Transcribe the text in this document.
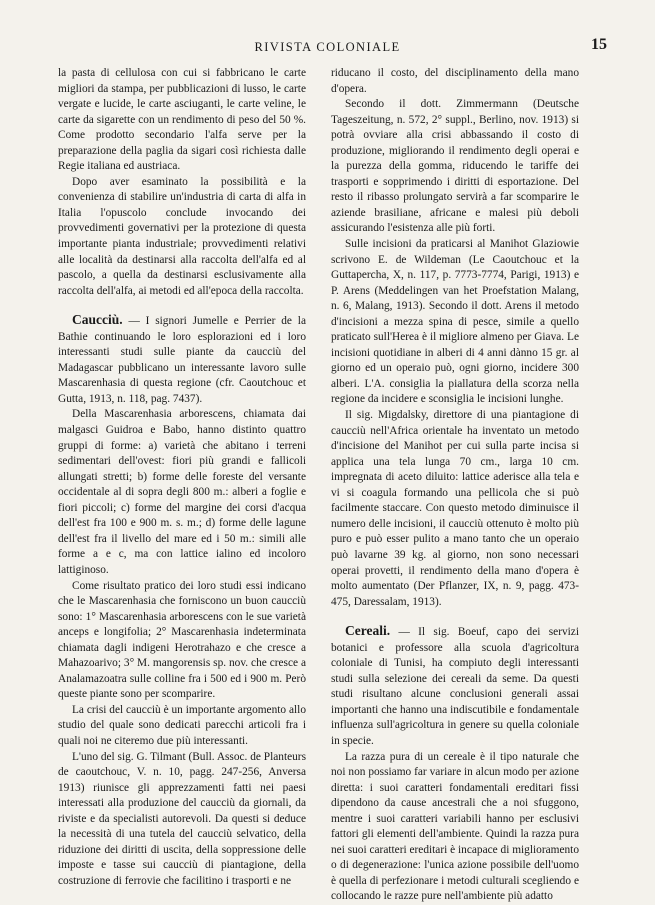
RIVISTA COLONIALE	15

la pasta di cellulosa con cui si fabbricano le carte migliori da stampa, per pubblicazioni di lusso, le carte vergate e lucide, le carte asciuganti, le carte veline, le carte da sigarette con un rendimento di peso del 50 %. Come prodotto secondario l'alfa serve per la preparazione della paglia da sigari così richiesta dalle Regie italiana ed austriaca.

Dopo aver esaminato la possibilità e la convenienza di stabilire un'industria di carta di alfa in Italia l'opuscolo conclude invocando dei provvedimenti governativi per la protezione di questa importante pianta industriale; provvedimenti relativi alle località da destinarsi alla raccolta dell'alfa ed al pascolo, a quella da destinarsi esclusivamente alla raccolta dell'alfa, ai metodi ed all'epoca della raccolta.

Caucciù. — I signori Jumelle e Perrier de la Bathie continuando le loro esplorazioni ed i loro interessanti studi sulle piante da caucciù del Madagascar pubblicano un interessante lavoro sulle Mascarenhasia di questa regione (cfr. Caoutchouc et Gutta, 1913, n. 118, pag. 7437).

Della Mascarenhasia arborescens, chiamata dai malgasci Guidroa e Babo, hanno distinto quattro gruppi di forme: a) varietà che abitano i terreni sedimentari dell'ovest: fiori più grandi e fallicoli allungati stretti; b) forme delle foreste del versante occidentale al di sopra degli 800 m.: alberi a foglie e fiori piccoli; c) forme del margine dei corsi d'acqua dell'est fra 100 e 900 m. s. m.; d) forme delle lagune dell'est fra il livello del mare ed i 50 m.: simili alle forme a e c, ma con lattice ialino ed incoloro lattiginoso.

Come risultato pratico dei loro studi essi indicano che le Mascarenhasia che forniscono un buon caucciù sono: 1° Mascarenhasia arborescens con le sue varietà anceps e longifolia; 2° Mascarenhasia indeterminata chiamata dagli indigeni Herotrahazo e che cresce a Mahazoarivo; 3° M. mangorensis sp. nov. che cresce a Analamazoatra sulle colline fra i 500 ed i 900 m. Però queste piante sono per scomparire.

La crisi del caucciù è un importante argomento allo studio del quale sono dedicati parecchi articoli fra i quali noi ne citeremo due più interessanti.

L'uno del sig. G. Tilmant (Bull. Assoc. de Planteurs de caoutchouc, V. n. 10, pagg. 247-256, Anversa 1913) riunisce gli apprezzamenti fatti nei paesi interessati alla produzione del caucciù da giornali, da riviste e da specialisti autorevoli. Da questi si deduce la necessità di una tutela del caucciù selvatico, della riduzione dei diritti di uscita, della soppressione delle imposte e tasse sui caucciù di piantagione, della costruzione di ferrovie che facilitino i trasporti e ne

riducano il costo, del disciplinamento della mano d'opera.

Secondo il dott. Zimmermann (Deutsche Tageszeitung, n. 572, 2° suppl., Berlino, nov. 1913) si potrà ovviare alla crisi abbassando il costo di produzione, migliorando il rendimento degli operai e la purezza della gomma, riducendo le tariffe dei trasporti e sopprimendo i diritti di esportazione. Del resto il ribasso prolungato servirà a far scomparire le aziende brasiliane, africane e malesi più deboli assicurando l'esistenza alle più forti.

Sulle incisioni da praticarsi al Manihot Glaziowie scrivono E. de Wildeman (Le Caoutchouc et la Guttapercha, X, n. 117, p. 7773-7774, Parigi, 1913) e P. Arens (Meddelingen van het Proefstation Malang, n. 6, Malang, 1913). Secondo il dott. Arens il metodo d'incisioni a mezza spina di pesce, simile a quello praticato sull'Herea è il migliore almeno per Giava. Le incisioni quotidiane in alberi di 4 anni dànno 15 gr. al giorno ed un operaio può, ogni giorno, incidere 300 alberi. L'A. consiglia la piallatura della scorza nella regione da incidere e sconsiglia le incisioni lunghe.

Il sig. Migdalsky, direttore di una piantagione di caucciù nell'Africa orientale ha inventato un metodo d'incisione del Manihot per cui sulla parte incisa si applica una tela lunga 70 cm., larga 10 cm. impregnata di aceto diluito: lattice aderisce alla tela e vi si coagula formando una pellicola che si può facilmente staccare. Con questo metodo diminuisce il numero delle incisioni, il caucciù ottenuto è molto più puro e può esser pulito a mano tanto che un operaio può lavarne 39 kg. al giorno, non sono necessari operai provetti, il rendimento della mano d'opera è molto aumentato (Der Pflanzer, IX, n. 9, pagg. 473-475, Daressalam, 1913).

Cereali. — Il sig. Boeuf, capo dei servizi botanici e professore alla scuola d'agricoltura coloniale di Tunisi, ha compiuto degli interessanti studi sulla selezione dei cereali da seme. Da questi studi risultano alcune conclusioni generali assai importanti che hanno una indiscutibile e fondamentale influenza sull'agricoltura in genere su quella coloniale in specie.

La razza pura di un cereale è il tipo naturale che noi non possiamo far variare in alcun modo per azione diretta: i suoi caratteri fondamentali ereditari fissi dipendono da cause ancestrali che a noi sfuggono, mentre i suoi caratteri variabili hanno per esclusivi fattori gli elementi dell'ambiente. Quindi la razza pura nei suoi caratteri ereditari è incapace di miglioramento o di degenerazione: l'unica azione possibile dell'uomo è quella di perfezionare i metodi culturali scegliendo e collocando le razze pure nell'ambiente più adatto
